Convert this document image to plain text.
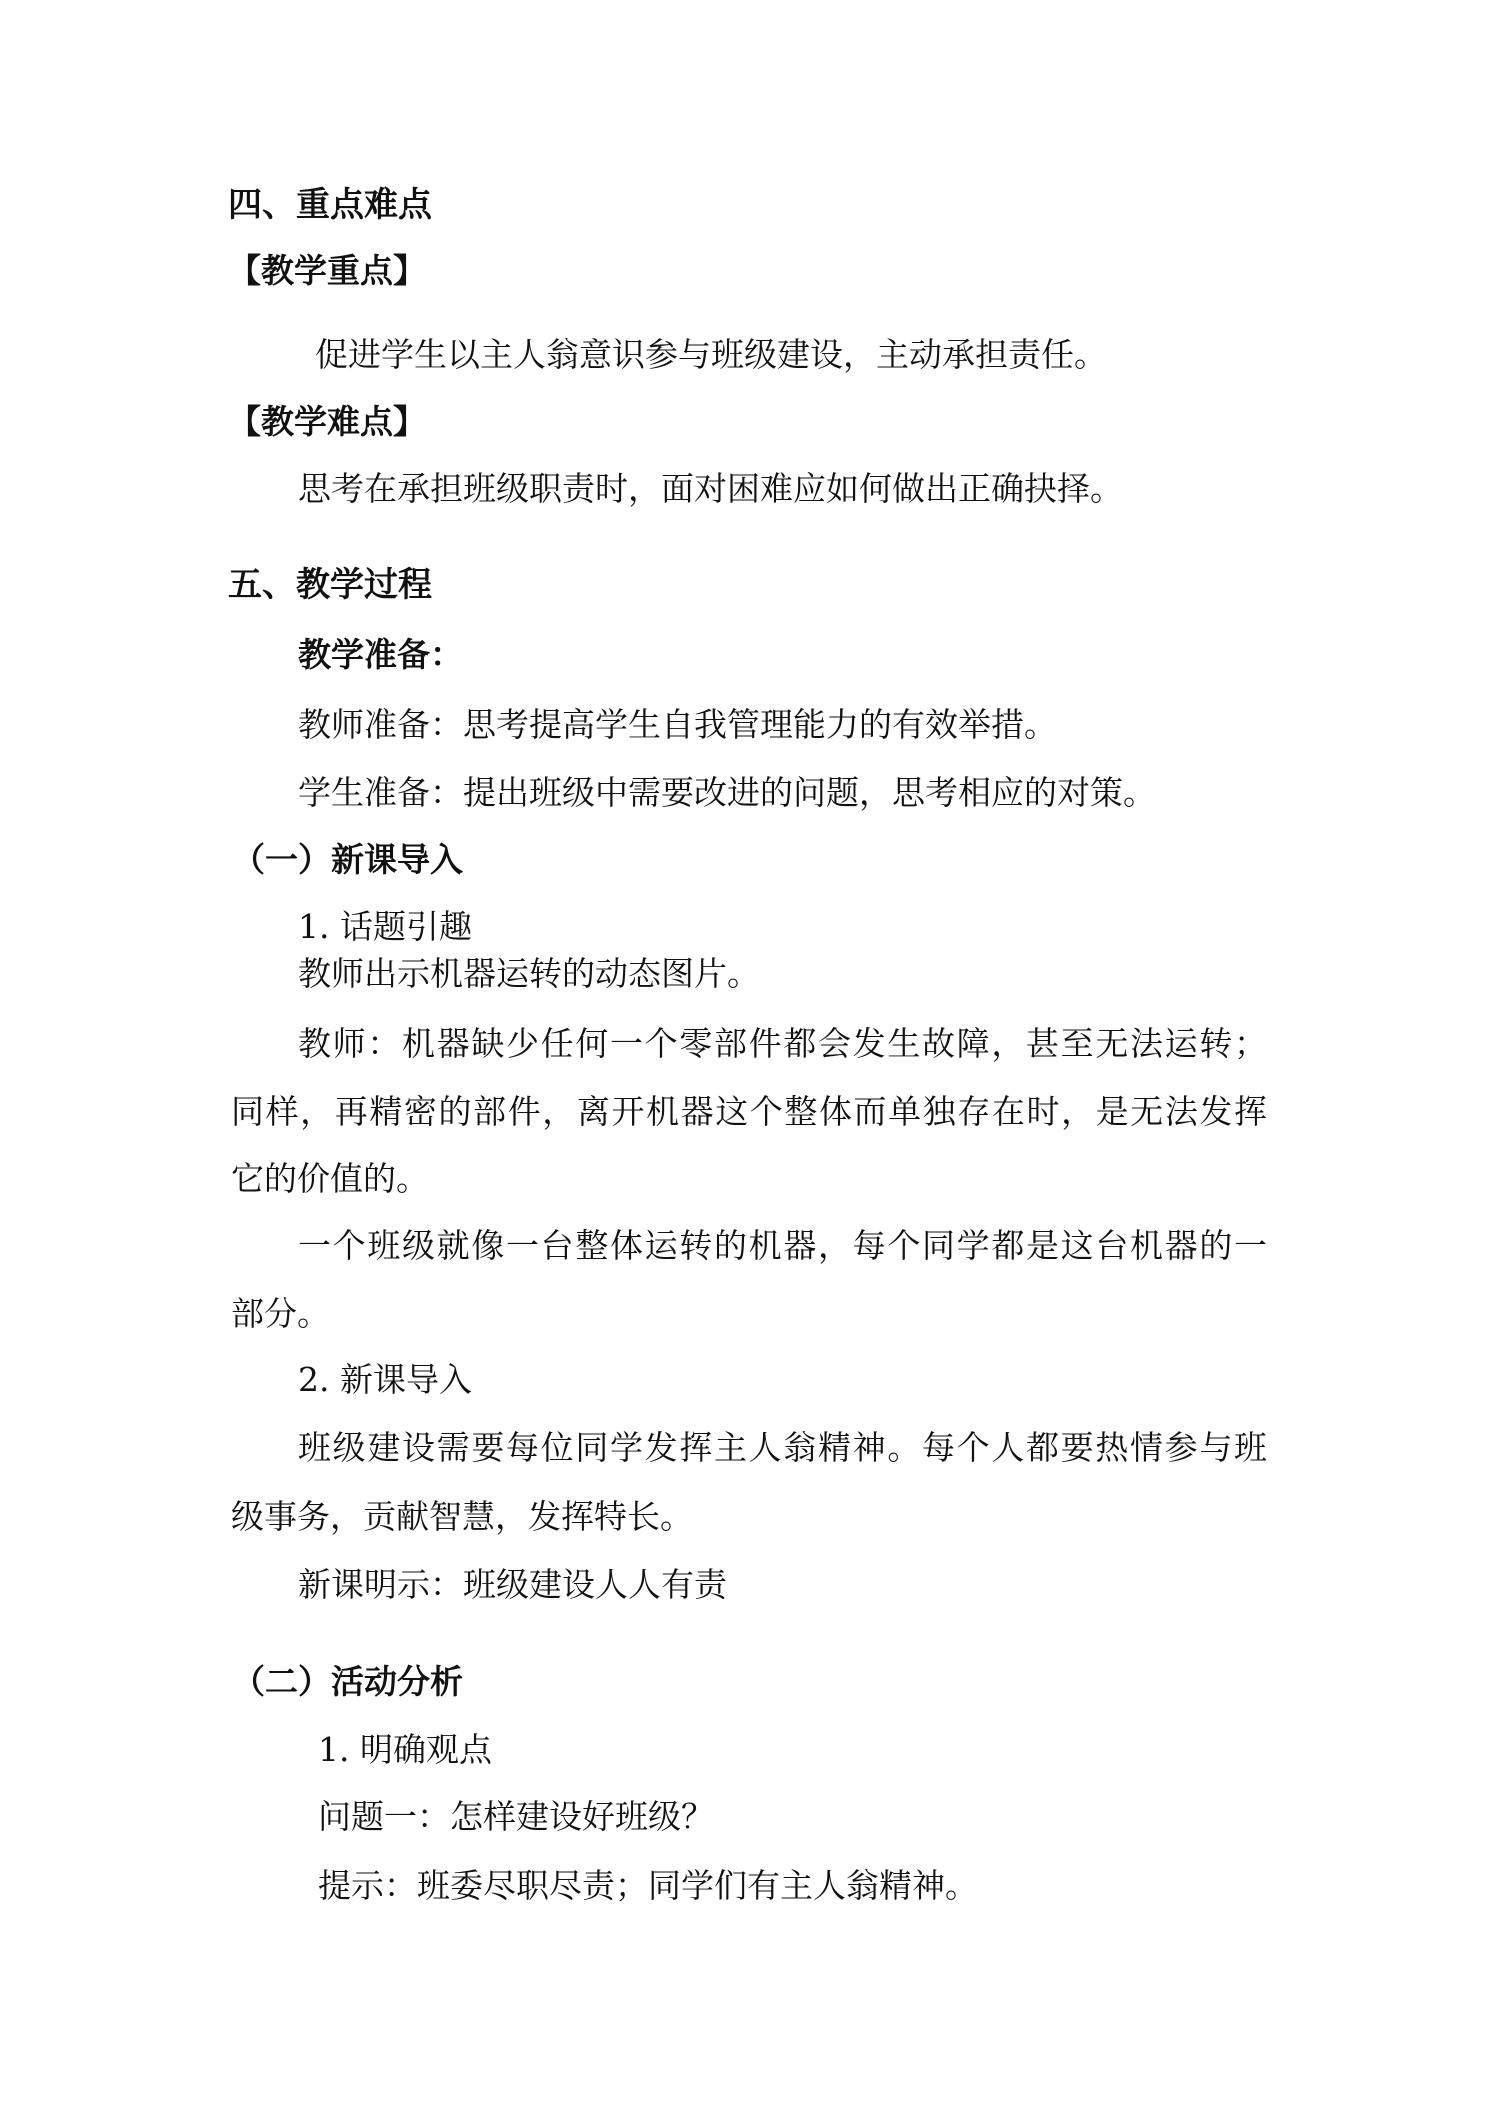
四、重点难点
【教学重点】
促进学生以主人翁意识参与班级建设，主动承担责任。
【教学难点】
思考在承担班级职责时，面对困难应如何做出正确抉择。
五、教学过程
教学准备：
教师准备：思考提高学生自我管理能力的有效举措。
学生准备：提出班级中需要改进的问题，思考相应的对策。
（一）新课导入
1. 话题引趣
教师出示机器运转的动态图片。
教师：机器缺少任何一个零部件都会发生故障，甚至无法运转；
同样，再精密的部件，离开机器这个整体而单独存在时，是无法发挥
它的价值的。
一个班级就像一台整体运转的机器，每个同学都是这台机器的一
部分。
2. 新课导入
班级建设需要每位同学发挥主人翁精神。每个人都要热情参与班
级事务，贡献智慧，发挥特长。
新课明示：班级建设人人有责
（二）活动分析
1. 明确观点
问题一：怎样建设好班级？
提示：班委尽职尽责；同学们有主人翁精神。
